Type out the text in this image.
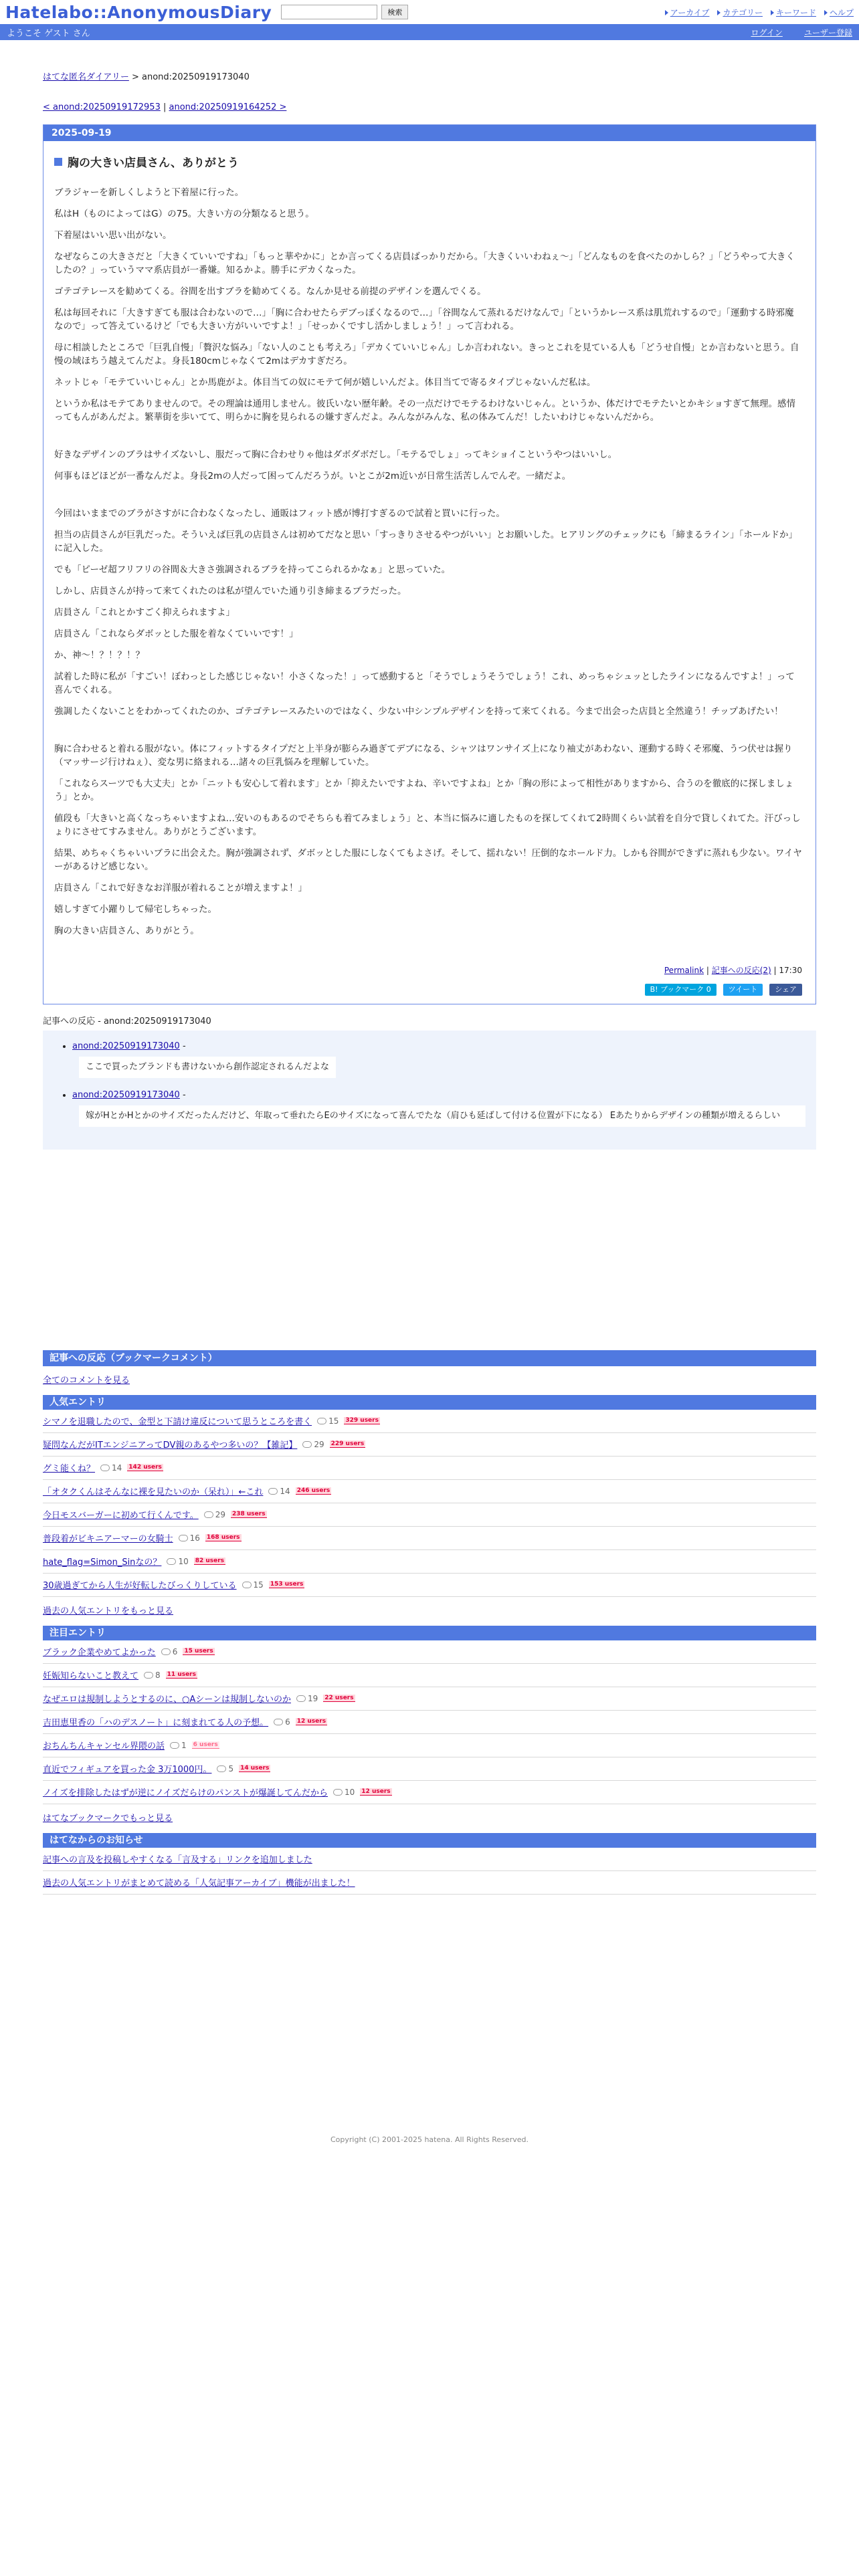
Hatelabo::AnonymousDiary	検索	アーカイブ	カテゴリー	キーワード	ヘルプ
ようこそ ゲスト さん	ログイン	ユーザー登録
はてな匿名ダイアリー > anond:20250919173040
< anond:20250919172953 | anond:20250919164252 >
2025-09-19
胸の大きい店員さん、ありがとう

ブラジャーを新しくしようと下着屋に行った。

私はH（ものによってはG）の75。大きい方の分類なると思う。

下着屋はいい思い出がない。

なぜならこの大きさだと「大きくていいですね」「もっと華やかに」とか言ってくる店員ばっかりだから。「大きくいいわねぇ〜」「どんなものを食べたのかしら？」「どうやって大きくしたの？」っていうママ系店員が一番嫌。知るかよ。勝手にデカくなった。

ゴテゴテレースを勧めてくる。谷間を出すブラを勧めてくる。なんか見せる前提のデザインを選んでくる。

私は毎回それに「大きすぎても服は合わないので…」「胸に合わせたらデブっぽくなるので…」「谷間なんて蒸れるだけなんで」「というかレース系は肌荒れするので」「運動する時邪魔なので」って答えているけど「でも大きい方がいいですよ！」「せっかくですし活かしましょう！」って言われる。

母に相談したところで「巨乳自慢」「贅沢な悩み」「ない人のことも考えろ」「デカくていいじゃん」しか言われない。きっとこれを見ている人も「どうせ自慢」とか言わないと思う。自慢の域ほちう越えてんだよ。身長180cmじゃなくて2mはデカすぎだろ。

ネットじゃ「モテていいじゃん」とか馬鹿がよ。体目当ての奴にモテて何が嬉しいんだよ。体目当てで寄るタイプじゃないんだ私は。

というか私はモテてありませんので。その理論は通用しません。彼氏いない歴年齢。その一点だけでモテるわけないじゃん。というか、体だけでモテたいとかキショすぎて無理。感情ってもんがあんだよ。繁華街を歩いてて、明らかに胸を見られるの嫌すぎんだよ。みんながみんな、私の体みてんだ！したいわけじゃないんだから。

好きなデザインのブラはサイズないし、服だって胸に合わせりゃ他はダボダボだし。「モテるでしょ」ってキショイこというやつはいいし。

何事もほどほどが一番なんだよ。身長2mの人だって困ってんだろうが。いとこが2m近いが日常生活苦しんでんぞ。一緒だよ。

今回はいままでのブラがさすがに合わなくなったし、通販はフィット感が博打すぎるので試着と買いに行った。

担当の店員さんが巨乳だった。そういえば巨乳の店員さんは初めてだなと思い「すっきりさせるやつがいい」とお願いした。ヒアリングのチェックにも「締まるライン」「ホールドか」に記入した。

でも「ピーゼ超フリフリの谷間＆大きさ強調されるブラを持ってこられるかなぁ」と思っていた。

しかし、店員さんが持って来てくれたのは私が望んでいた通り引き締まるブラだった。

店員さん「これとかすごく抑えられますよ」

店員さん「これならダボッとした服を着なくていいです！」

か、神〜！？！？！？

試着した時に私が「すごい！ぼわっとした感じじゃない！小さくなった！」って感動すると「そうでしょうそうでしょう！これ、めっちゃシュッとしたラインになるんですよ！」って喜んでくれる。

強調したくないことをわかってくれたのか、ゴテゴテレースみたいのではなく、少ない中シンプルデザインを持って来てくれる。今まで出会った店員と全然違う！チップあげたい！

胸に合わせると着れる服がない。体にフィットするタイプだと上半身が膨らみ過ぎてデブになる、シャツはワンサイズ上になり袖丈があわない、運動する時くそ邪魔、うつ伏せは握り（マッサージ行けねぇ）、変な男に絡まれる…諸々の巨乳悩みを理解していた。

「これならスーツでも大丈夫」とか「ニットも安心して着れます」とか「抑えたいですよね、辛いですよね」とか「胸の形によって相性がありますから、合うのを徹底的に探しましょう」とか。

値段も「大きいと高くなっちゃいますよね…安いのもあるのでそちらも着てみましょう」と、本当に悩みに適したものを探してくれて2時間くらい試着を自分で貸しくれてた。汗びっしょりにさせてすみません。ありがとうございます。

結果、めちゃくちゃいいブラに出会えた。胸が強調されず、ダボッとした服にしなくてもよさげ。そして、揺れない！圧倒的なホールド力。しかも谷間ができずに蒸れも少ない。ワイヤーがあるけど感じない。

店員さん「これで好きなお洋服が着れることが増えますよ！」

嬉しすぎて小躍りして帰宅しちゃった。

胸の大きい店員さん、ありがとう。

Permalink | 記事への反応(2) | 17:30
B! ブックマーク 0	ツイート	シェア
記事への反応 - anond:20250919173040
• anond:20250919173040 -
ここで買ったブランドも書けないから創作認定されるんだよな
• anond:20250919173040 -
嫁がHとかHとかのサイズだったんだけど、年取って垂れたらEのサイズになって喜んでたな（肩ひも延ばして付ける位置が下になる） Eあたりからデザインの種類が増えるらしい
記事への反応（ブックマークコメント）
全てのコメントを見る
人気エントリ
シマノを退職したので、金型と下請け違反について思うところを書く	15 329 users
疑問なんだがITエンジニアってDV親のあるやつ多いの？【雑記】	29 229 users
グミ能くね？	14 142 users
「オタクくんはそんなに裸を見たいのか（呆れ）」←これ	14 246 users
今日モスバーガーに初めて行くんです。	29 238 users
普段着がビキニアーマーの女騎士	16 168 users
hate_flag=Simon_Sinなの？	10 82 users
30歳過ぎてから人生が好転したびっくりしている	15 153 users
過去の人気エントリをもっと見る
注目エントリ
ブラック企業やめてよかった	6 15 users
妊娠知らないこと教えて	8 11 users
なぜエロは規制しようとするのに、○Aシーンは規制しないのか	19 22 users
吉田恵里香の「ハのデスノート」に刻まれてる人の予想。	6 12 users
おちんちんキャンセル界隈の話	1 6 users
直近でフィギュアを買った金 3万1000円。	5 14 users
ノイズを排除したはずが逆にノイズだらけのパンストが爆誕してんだから	10 12 users
はてなブックマークでもっと見る
はてなからのお知らせ
記事への言及を投稿しやすくなる「言及する」リンクを追加しました
過去の人気エントリがまとめて読める「人気記事アーカイブ」機能が出ました！
Copyright (C) 2001-2025 hatena. All Rights Reserved.
